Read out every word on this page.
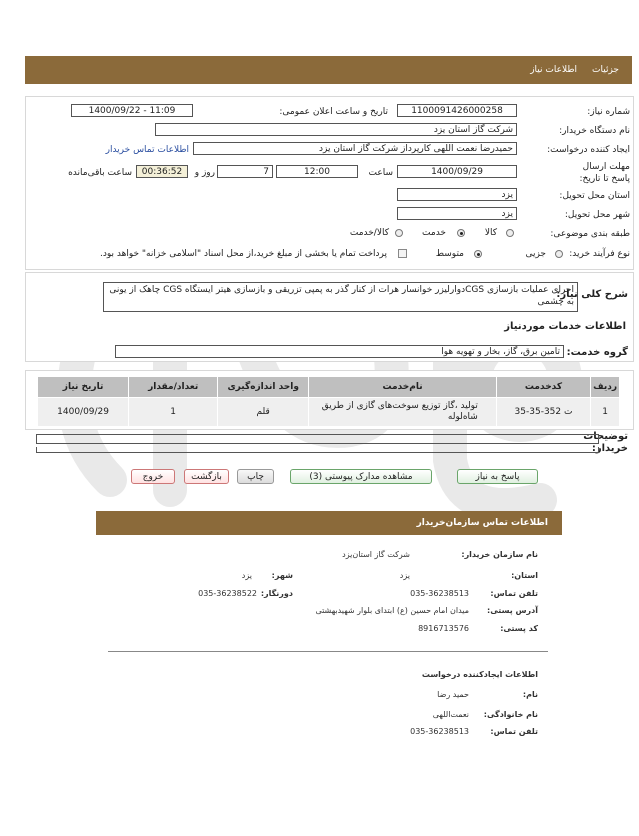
جزئیات
اطلاعات نیاز
شماره نیاز:
1100091426000258
تاریخ و ساعت اعلان عمومی:
1400/09/22 - 11:09
نام دستگاه خریدار:
شرکت گاز استان یزد
ایجاد کننده درخواست:
حمیدرضا نعمت اللهی کارپرداز شرکت گاز استان یزد
اطلاعات تماس خریدار
مهلت ارسال پاسخ تا تاریخ:
1400/09/29
ساعت
12:00
7
روز و
00:36:52
ساعت باقی‌مانده
استان محل تحویل:
یزد
شهر محل تحویل:
یزد
طبقه بندی موضوعی:
کالا
خدمت
کالا/خدمت
نوع فرآیند خرید:
جزیی
متوسط
پرداخت تمام یا بخشی از مبلغ خرید،از محل اسناد "اسلامی خزانه" خواهد بود.
شرح کلی نیاز:
اجرای عملیات بازسازی CGSدوارلیزر خوانسار هرات از کنار گذر به پمپی تزریقی و بازسازی هیتر ایستگاه CGS چاهک از یونی به چشمی
اطلاعات خدمات موردنیاز
گروه خدمت:
تامین برق، گاز، بخار و تهویه هوا
ردیف	کدخدمت	نام‌خدمت	واحد اندازه‌گیری	تعداد/مقدار	تاریخ نیاز
1	ت 352-35-35	تولید ،گاز توزیع سوخت‌های گازی از طریق شاه‌لوله	قلم	1	1400/09/29
توضیحات خریدار:
پاسخ به نیاز
مشاهده مدارک پیوستی (3)
چاپ
بازگشت
خروج
اطلاعات تماس سازمان‌خریدار
نام سازمان خریدار:
شرکت گاز استان‌یزد
استان:
یزد
شهر:
یزد
تلفن تماس:
035-36238513
دورنگار:
035-36238522
آدرس پستی:
میدان امام حسین (ع) ابتدای بلوار شهیدبهشتی
کد پستی:
8916713576
اطلاعات ایجادکننده درخواست
نام:
حمید رضا
نام خانوادگی:
نعمت‌اللهی
تلفن تماس:
035-36238513
